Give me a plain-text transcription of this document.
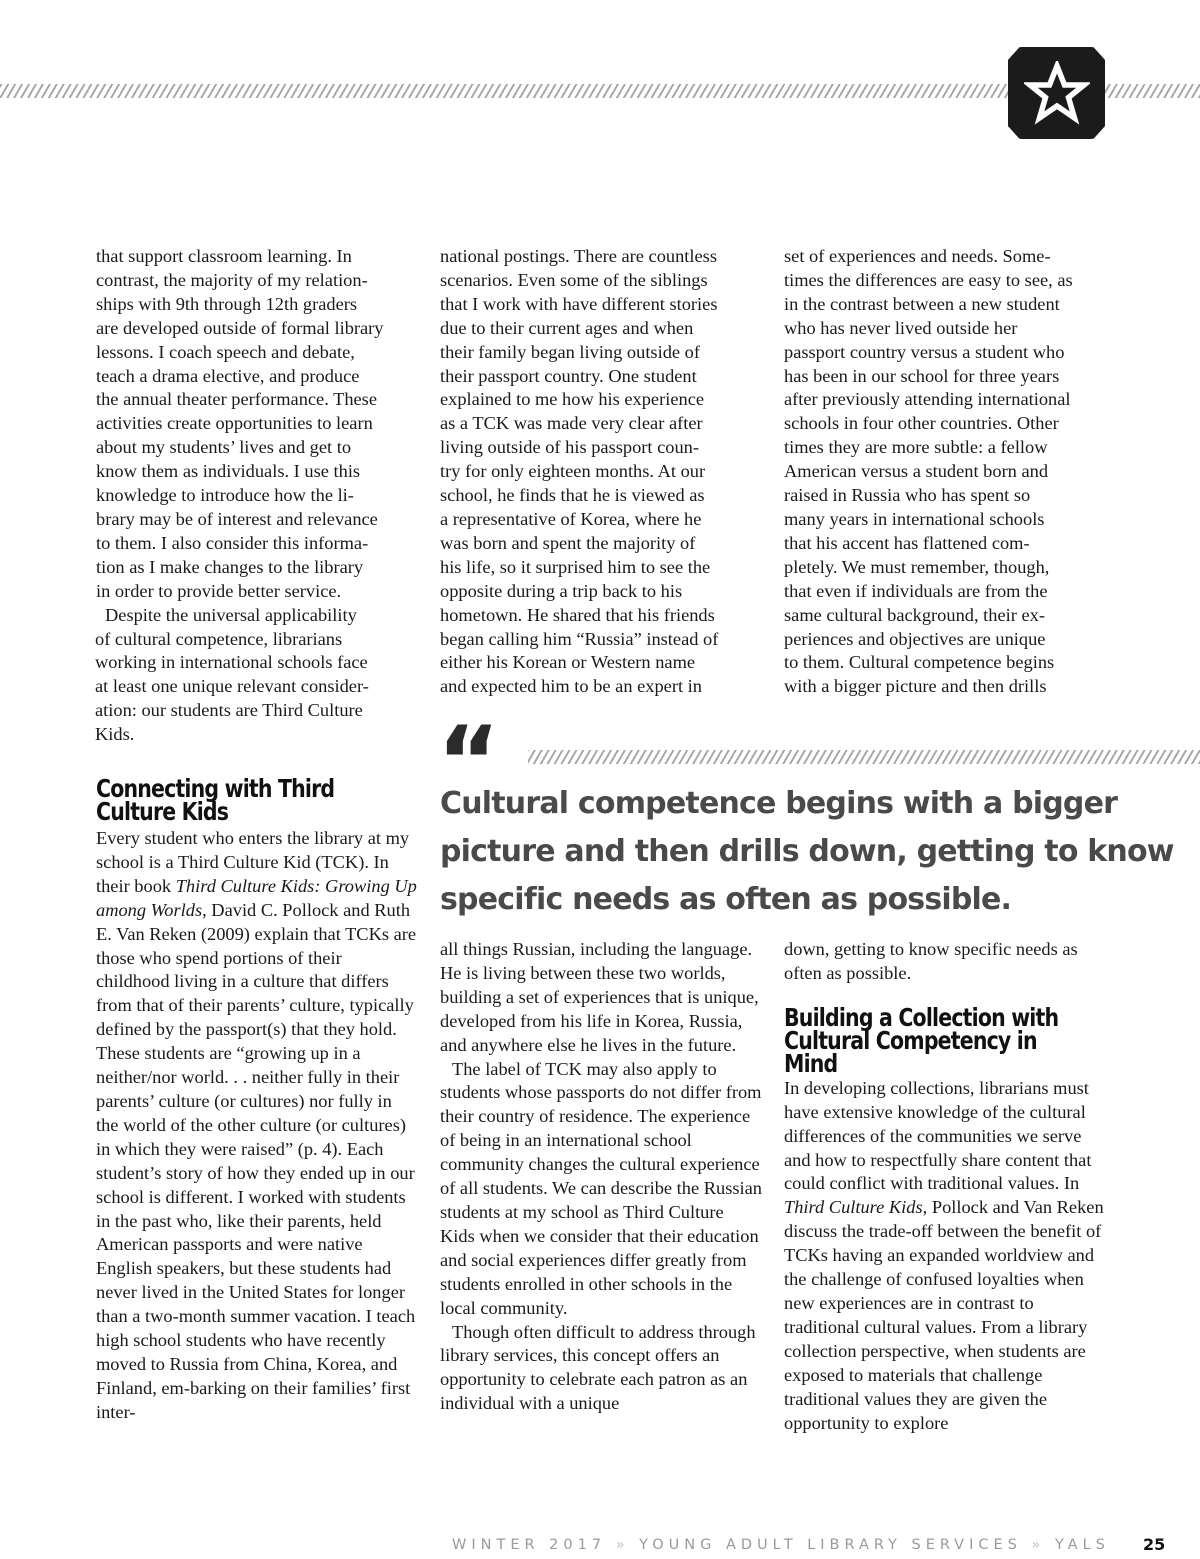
that support classroom learning. In
contrast, the majority of my relation-
ships with 9th through 12th graders
are developed outside of formal library
lessons. I coach speech and debate,
teach a drama elective, and produce
the annual theater performance. These
activities create opportunities to learn
about my students’ lives and get to
know them as individuals. I use this
knowledge to introduce how the li-
brary may be of interest and relevance
to them. I also consider this informa-
tion as I make changes to the library
in order to provide better service.

Despite the universal applicability
of cultural competence, librarians
working in international schools face
at least one unique relevant consider-
ation: our students are Third Culture
Kids.

Connecting with Third
Culture Kids

Every student who enters the library at my school is a Third Culture Kid (TCK). In their book Third Culture Kids: Growing Up among Worlds, David C. Pollock and Ruth E. Van Reken (2009) explain that TCKs are those who spend portions of their childhood living in a culture that differs from that of their parents’ culture, typically defined by the passport(s) that they hold. These students are “growing up in a neither/nor world. . . neither fully in their parents’ culture (or cultures) nor fully in the world of the other culture (or cultures) in which they were raised” (p. 4). Each student’s story of how they ended up in our school is different. I worked with students in the past who, like their parents, held American passports and were native English speakers, but these students had never lived in the United States for longer than a two-month summer vacation. I teach high school students who have recently moved to Russia from China, Korea, and Finland, em-barking on their families’ first inter-

national postings. There are countless
scenarios. Even some of the siblings
that I work with have different stories
due to their current ages and when
their family began living outside of
their passport country. One student
explained to me how his experience
as a TCK was made very clear after
living outside of his passport coun-
try for only eighteen months. At our
school, he finds that he is viewed as
a representative of Korea, where he
was born and spent the majority of
his life, so it surprised him to see the
opposite during a trip back to his
hometown. He shared that his friends
began calling him “Russia” instead of
either his Korean or Western name
and expected him to be an expert in

set of experiences and needs. Some-
times the differences are easy to see, as
in the contrast between a new student
who has never lived outside her
passport country versus a student who
has been in our school for three years
after previously attending international
schools in four other countries. Other
times they are more subtle: a fellow
American versus a student born and
raised in Russia who has spent so
many years in international schools
that his accent has flattened com-
pletely. We must remember, though,
that even if individuals are from the
same cultural background, their ex-
periences and objectives are unique
to them. Cultural competence begins
with a bigger picture and then drills

“
Cultural competence begins with a bigger
picture and then drills down, getting to know
specific needs as often as possible.

all things Russian, including the language. He is living between these two worlds, building a set of experiences that is unique, developed from his life in Korea, Russia, and anywhere else he lives in the future.

The label of TCK may also apply to students whose passports do not differ from their country of residence. The experience of being in an international school community changes the cultural experience of all students. We can describe the Russian students at my school as Third Culture Kids when we consider that their education and social experiences differ greatly from students enrolled in other schools in the local community.

Though often difficult to address through library services, this concept offers an opportunity to celebrate each patron as an individual with a unique

down, getting to know specific needs as often as possible.

Building a Collection with
Cultural Competency in
Mind

In developing collections, librarians must have extensive knowledge of the cultural differences of the communities we serve and how to respectfully share content that could conflict with traditional values. In Third Culture Kids, Pollock and Van Reken discuss the trade-off between the benefit of TCKs having an expanded worldview and the challenge of confused loyalties when new experiences are in contrast to traditional cultural values. From a library collection perspective, when students are exposed to materials that challenge traditional values they are given the opportunity to explore

WINTER 2017 » YOUNG ADULT LIBRARY SERVICES » YALS 25
